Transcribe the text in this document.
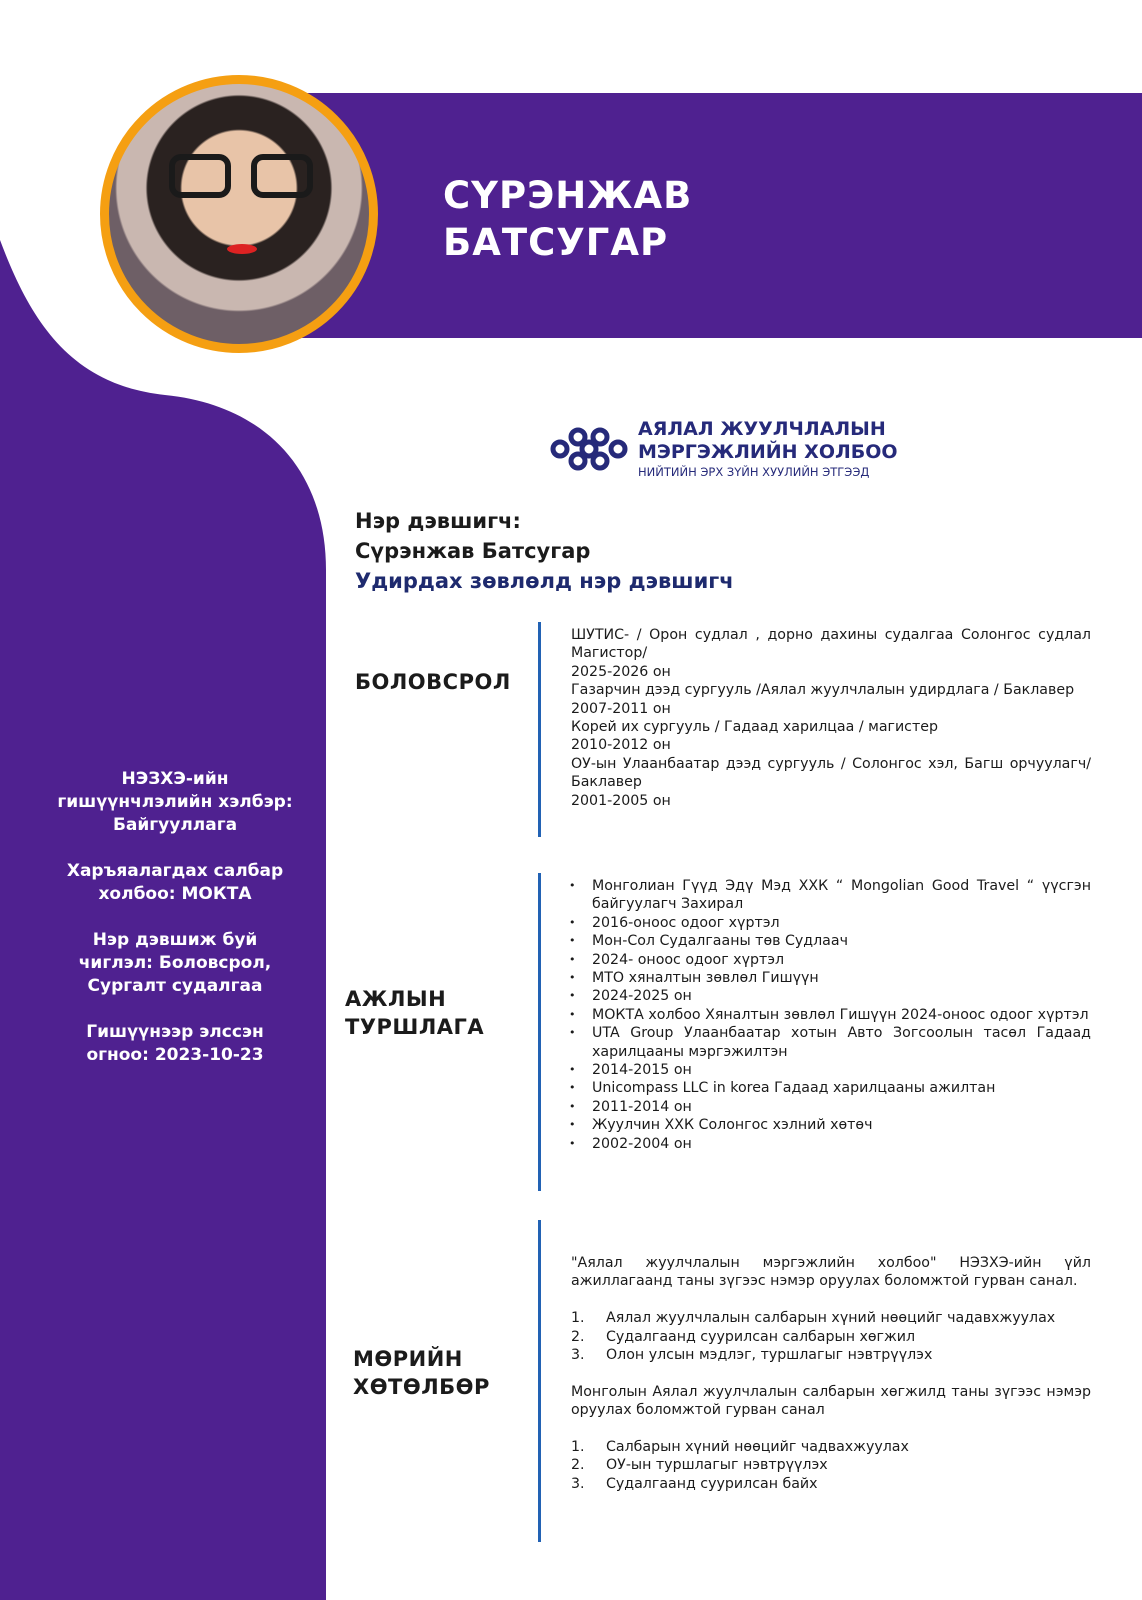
СҮРЭНЖАВ
БАТСУГАР
АЯЛАЛ ЖУУЛЧЛАЛЫН
МЭРГЭЖЛИЙН ХОЛБОО
НИЙТИЙН ЭРХ ЗҮЙН ХУУЛИЙН ЭТГЭЭД
Нэр дэвшигч:
Сүрэнжав Батсугар
Удирдах зөвлөлд нэр дэвшигч

НЭЗХЭ-ийн гишүүнчлэлийн хэлбэр: Байгууллага

Харъяалагдах салбар холбоо: МОКТА

Нэр дэвшиж буй чиглэл: Боловсрол, Сургалт судалгаа

Гишүүнээр элссэн огноо: 2023-10-23

БОЛОВСРОЛ
ШУТИС- / Орон судлал , дорно дахины судалгаа Солонгос судлал Магистор/
2025-2026 он
Газарчин дээд сургууль /Аялал жуулчлалын удирдлага / Баклавер
2007-2011 он
Корей их сургууль / Гадаад харилцаа / магистер
2010-2012 он
ОУ-ын Улаанбаатар дээд сургууль / Солонгос хэл, Багш орчуулагч/ Баклавер
2001-2005 он
АЖЛЫН
ТУРШЛАГА
• Монголиан Гүүд Эдү Мэд ХХК “ Mongolian Good Travel “ үүсгэн байгуулагч Захирал
• 2016-оноос одоог хүртэл
• Мон-Сол Судалгааны төв Судлаач
• 2024- оноос одоог хүртэл
• МТО хяналтын зөвлөл Гишүүн
• 2024-2025 он
• МОКТА холбоо Хяналтын зөвлөл Гишүүн 2024-оноос одоог хүртэл
• UTA Group Улаанбаатар хотын Авто Зогсоолын тасөл Гадаад харилцааны мэргэжилтэн
• 2014-2015 он
• Unicompass LLC in korea Гадаад харилцааны ажилтан
• 2011-2014 он
• Жуулчин ХХК Солонгос хэлний хөтөч
• 2002-2004 он
МӨРИЙН
ХӨТӨЛБӨР
"Аялал жуулчлалын мэргэжлийн холбоо" НЭЗХЭ-ийн үйл ажиллагаанд таны зүгээс нэмэр оруулах боломжтой гурван санал.
1.	Аялал жуулчлалын салбарын хүний нөөцийг чадавхжуулах
2.	Судалгаанд суурилсан салбарын хөгжил
3.	Олон улсын мэдлэг, туршлагыг нэвтрүүлэх
Монголын Аялал жуулчлалын салбарын хөгжилд таны зүгээс нэмэр оруулах боломжтой гурван санал
1.	Салбарын хүний нөөцийг чадвахжуулах
2.	ОУ-ын туршлагыг нэвтрүүлэх
3.	Судалгаанд суурилсан байх
